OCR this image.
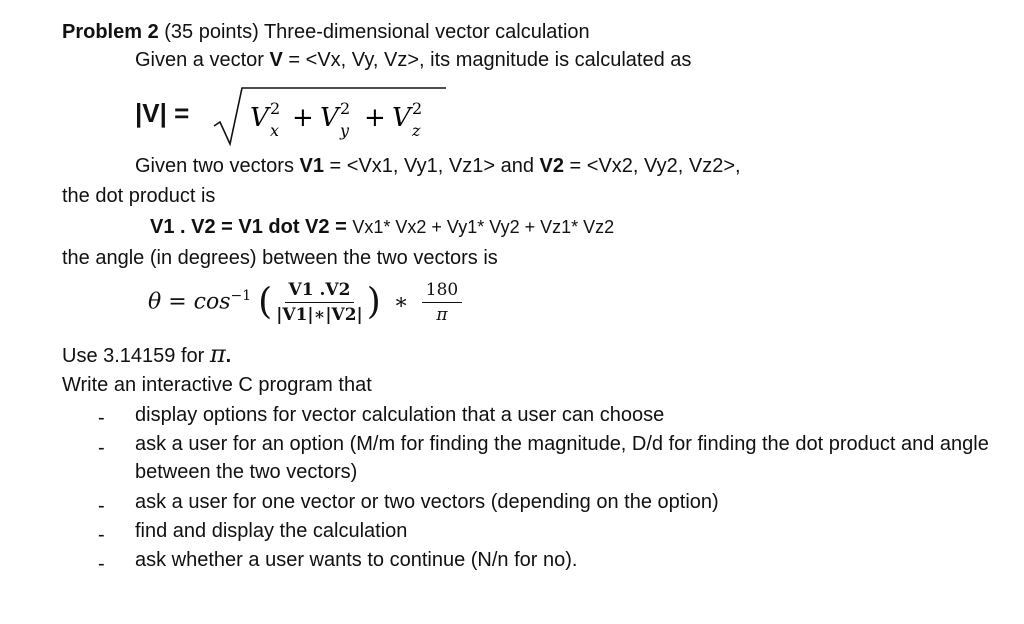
Problem 2 (35 points) Three-dimensional vector calculation
Given a vector V = <Vx, Vy, Vz>, its magnitude is calculated as
|V| = V 2
x + V 2
y + V 2
z
Given two vectors V1 = <Vx1, Vy1, Vz1> and V2 = <Vx2, Vy2, Vz2>,
the dot product is
V1 . V2 = V1 dot V2 = Vx1* Vx2 + Vy1* Vy2 + Vz1* Vz2
the angle (in degrees) between the two vectors is
$\theta = \cos^{-1}$ ( $\frac{V1 .V2}{|V1|∗|V2|}$ ) ∗ $\frac{180}{\pi}$
Use 3.14159 for π.
Write an interactive C program that
- display options for vector calculation that a user can choose
- ask a user for an option (M/m for finding the magnitude, D/d for finding the dot product and angle between the two vectors)
- ask a user for one vector or two vectors (depending on the option)
- find and display the calculation
- ask whether a user wants to continue (N/n for no).
